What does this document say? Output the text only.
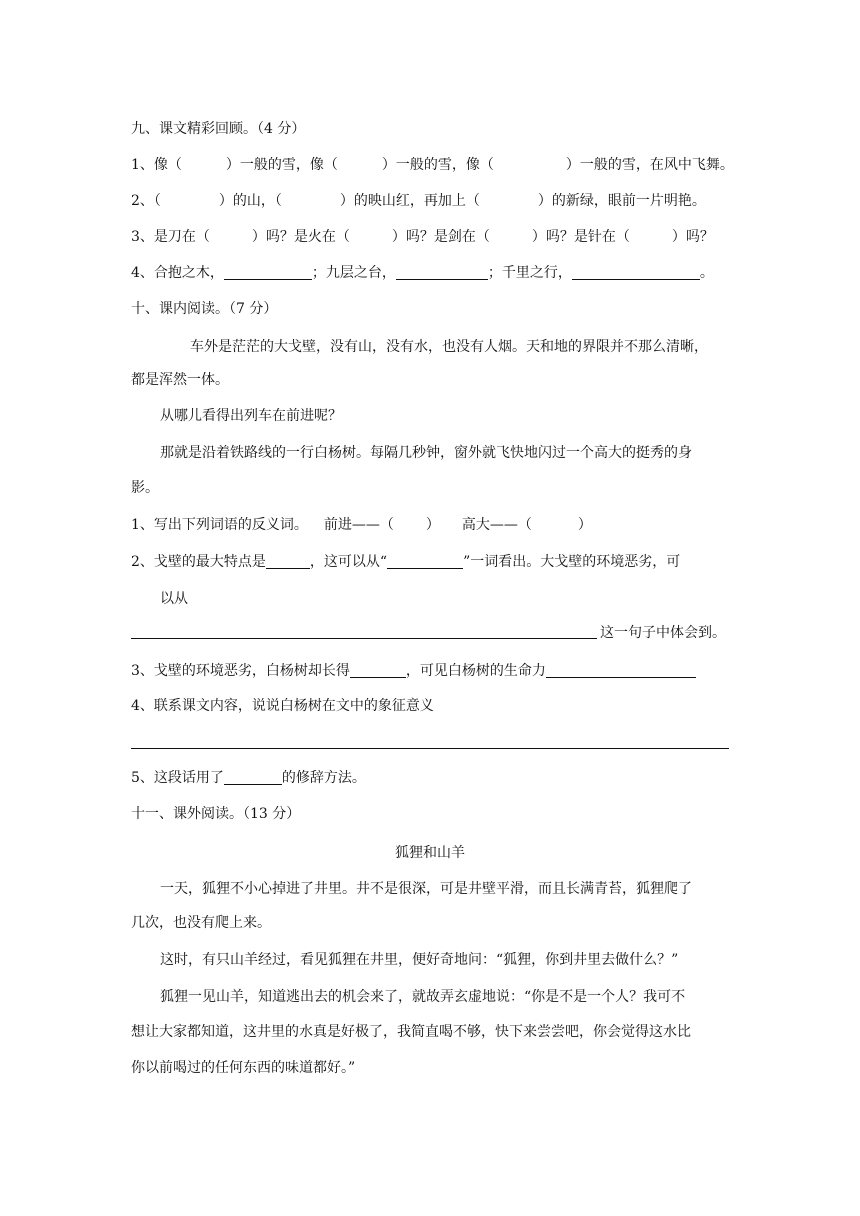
九、课文精彩回顾。（4 分）
1、像（	）一般的雪，像（	）一般的雪，像（	）一般的雪，在风中飞舞。
2、（	）的山，（	）的映山红，再加上（	）的新绿，眼前一片明艳。
3、是刀在（	）吗？是火在（	）吗？是剑在（	）吗？是针在（	）吗？
4、合抱之木，	；九层之台，	；千里之行，	。
十、课内阅读。（7 分）
车外是茫茫的大戈壁，没有山，没有水，也没有人烟。天和地的界限并不那么清晰，
都是浑然一体。
从哪儿看得出列车在前进呢？
那就是沿着铁路线的一行白杨树。每隔几秒钟，窗外就飞快地闪过一个高大的挺秀的身
影。
1、写出下列词语的反义词。 前进——（ ） 高大——（	）
2、戈壁的最大特点是	，这可以从“	”一词看出。大戈壁的环境恶劣，可
以从
这一句子中体会到。
3、戈壁的环境恶劣，白杨树却长得	，可见白杨树的生命力
4、联系课文内容，说说白杨树在文中的象征意义
5、这段话用了	的修辞方法。
十一、课外阅读。（13 分）
狐狸和山羊
一天，狐狸不小心掉进了井里。井不是很深，可是井壁平滑，而且长满青苔，狐狸爬了
几次，也没有爬上来。
这时，有只山羊经过，看见狐狸在井里，便好奇地问：“狐狸，你到井里去做什么？”
狐狸一见山羊，知道逃出去的机会来了，就故弄玄虚地说：“你是不是一个人？我可不
想让大家都知道，这井里的水真是好极了，我简直喝不够，快下来尝尝吧，你会觉得这水比
你以前喝过的任何东西的味道都好。”
